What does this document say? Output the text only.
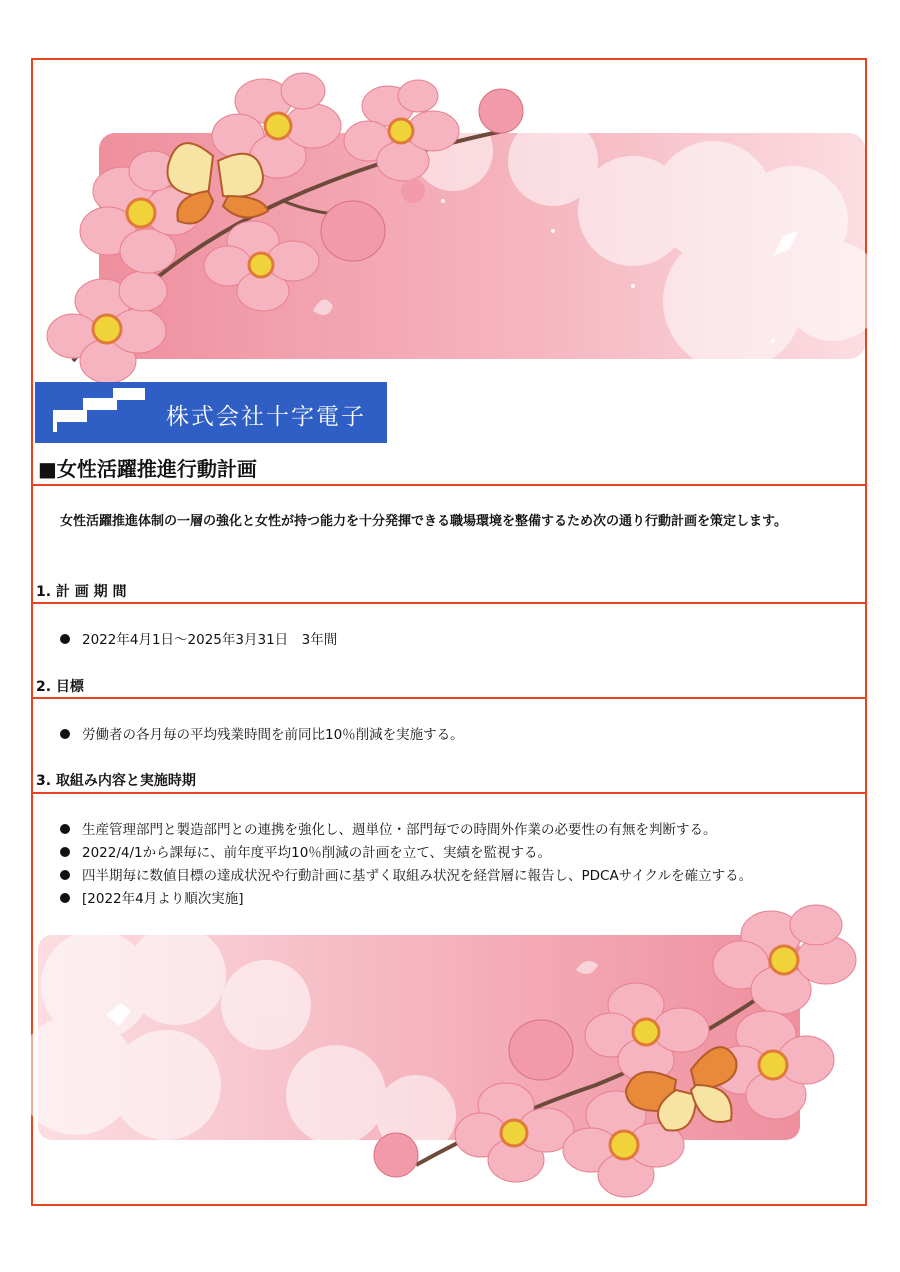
株式会社十字電子
■女性活躍推進行動計画
女性活躍推進体制の一層の強化と女性が持つ能力を十分発揮できる職場環境を整備するため次の通り行動計画を策定します。
1. 計 画 期 間
2022年4月1日～2025年3月31日　3年間
2. 目標
労働者の各月毎の平均残業時間を前同比10％削減を実施する。
3. 取組み内容と実施時期
生産管理部門と製造部門との連携を強化し、週単位・部門毎での時間外作業の必要性の有無を判断する。
2022/4/1から課毎に、前年度平均10％削減の計画を立て、実績を監視する。
四半期毎に数値目標の達成状況や行動計画に基ずく取組み状況を経営層に報告し、PDCAサイクルを確立する。
[2022年4月より順次実施]
